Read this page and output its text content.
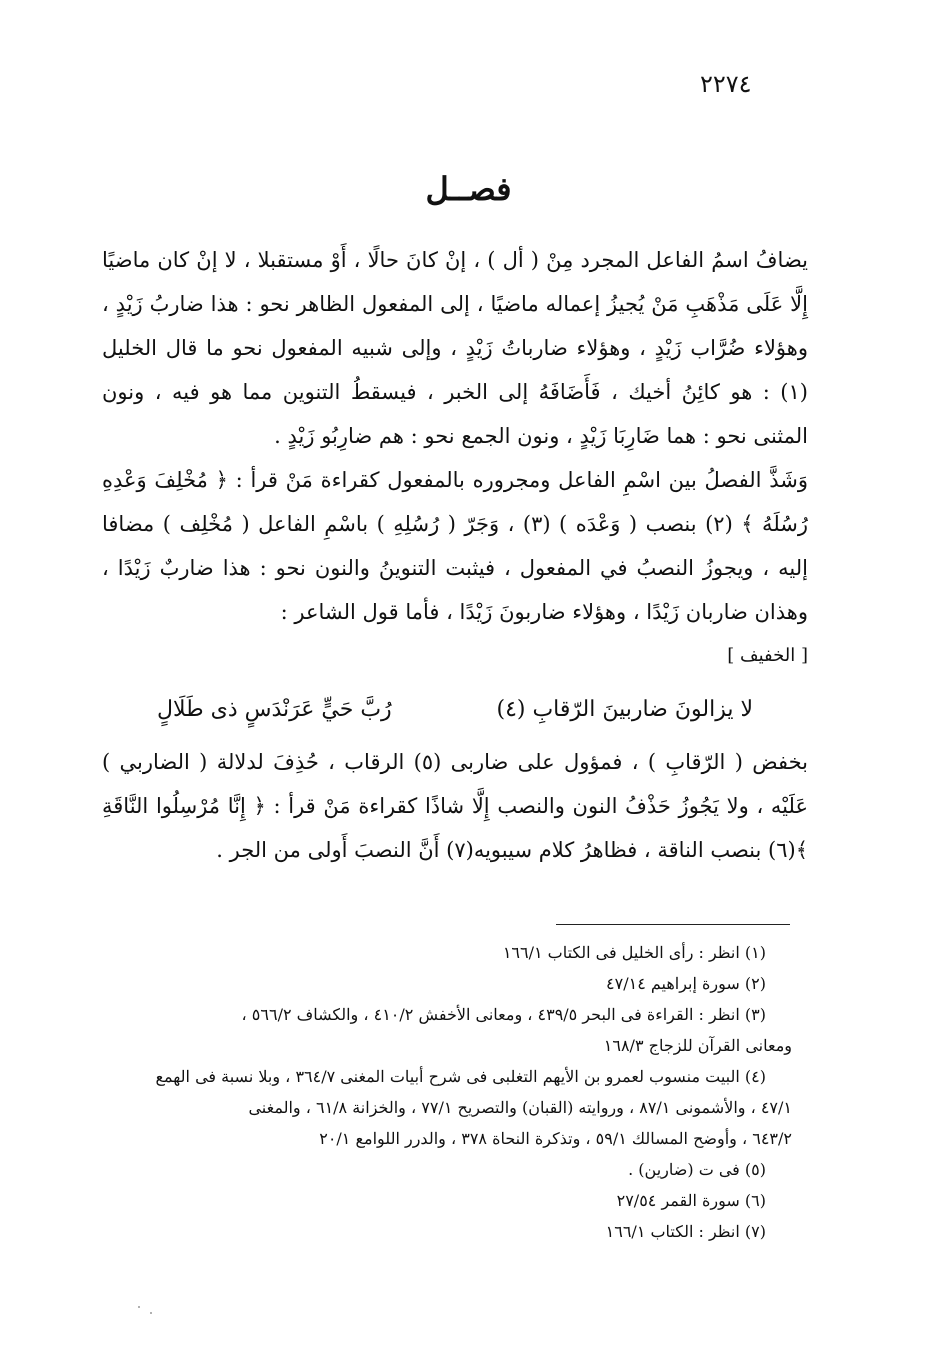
٢٢٧٤
فصــل

يضافُ اسمُ الفاعل المجرد مِنْ ( أل ) ، إنْ كانَ حالًا ، أَوْ مستقبلا ، لا إنْ كان ماضيًا إِلَّا عَلَى مَذْهَبِ مَنْ يُجيزُ إعماله ماضيًا ، إلى المفعول الظاهر نحو : هذا ضاربُ زَيْدٍ ، وهؤلاء ضُرَّاب زَيْدٍ ، وهؤلاء ضارباتُ زَيْدٍ ، وإلى شبيه المفعول نحو ما قال الخليل (١) : هو كائِنُ أخيك ، فَأَضَافَهُ إلى الخبر ، فيسقطُ التنوين مما هو فيه ، ونون المثنى نحو : هما ضَارِبَا زَيْدٍ ، ونون الجمع نحو : هم ضارِبُو زَيْدٍ .

وَشَذَّ الفصلُ بين اسْمِ الفاعل ومجروره بالمفعول كقراءة مَنْ قرأ : ﴿ مُخْلِفَ وَعْدِهِ رُسُلَهُ ﴾ (٢) بنصب ( وَعْدَه ) (٣) ، وَجَرّ ( رُسُلِهِ ) باسْمِ الفاعل ( مُخْلِف ) مضافا إليه ، ويجوزُ النصبُ في المفعول ، فيثبت التنوينُ والنون نحو : هذا ضاربٌ زَيْدًا ، وهذان ضاربان زَيْدًا ، وهؤلاء ضاربونَ زَيْدًا ، فأما قول الشاعر :

[ الخفيف ]
رُبَّ حَيٍّ عَرَنْدَسٍ ذى طَلَالٍ	لا يزالونَ ضاربينَ الرّقابِ (٤)

بخفض ( الرّقابِ ) ، فمؤول على ضاربى (٥) الرقاب ، حُذِفَ لدلالة ( الضاربي ) عَلَيْه ، ولا يَجُوزُ حَذْفُ النون والنصب إِلَّا شاذًا كقراءة مَنْ قرأ : ﴿ إِنَّا مُرْسِلُوا النَّاقَةِ ﴾(٦) بنصب الناقة ، فظاهرُ كلام سيبويه(٧) أَنَّ النصبَ أَولى من الجر .

(١) انظر : رأى الخليل فى الكتاب ١٦٦/١

(٢) سورة إبراهيم ٤٧/١٤

(٣) انظر : القراءة فى البحر ٤٣٩/٥ ، ومعانى الأخفش ٤١٠/٢ ، والكشاف ٥٦٦/٢ ،

ومعانى القرآن للزجاج ١٦٨/٣

(٤) البيت منسوب لعمرو بن الأيهم التغلبى فى شرح أبيات المغنى ٣٦٤/٧ ، وبلا نسبة فى الهمع

٤٧/١ ، والأشمونى ٨٧/١ ، وروايته (القبان) والتصريح ٧٧/١ ، والخزانة ٦١/٨ ، والمغنى

٦٤٣/٢ ، وأوضح المسالك ٥٩/١ ، وتذكرة النحاة ٣٧٨ ، والدرر اللوامع ٢٠/١

(٥) فى ت (ضارين) .

(٦) سورة القمر ٢٧/٥٤

(٧) انظر : الكتاب ١٦٦/١
